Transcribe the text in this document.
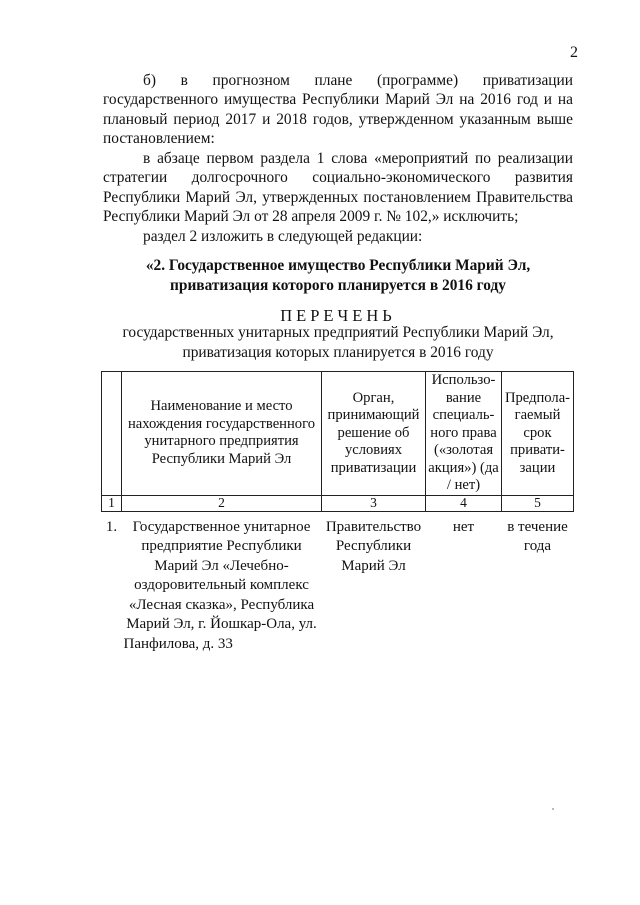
2
б) в прогнозном плане (программе) приватизации
государственного имущества Республики Марий Эл на 2016 год и на плановый период 2017 и 2018 годов, утвержденном указанным выше постановлением:
в абзаце первом раздела 1 слова «мероприятий по реализации стратегии долгосрочного социально-экономического развития Республики Марий Эл, утвержденных постановлением Правительства Республики Марий Эл от 28 апреля 2009 г. № 102,» исключить;
раздел 2 изложить в следующей редакции:
«2. Государственное имущество Республики Марий Эл,
приватизация которого планируется в 2016 году
ПЕРЕЧЕНЬ
государственных унитарных предприятий Республики Марий Эл,
приватизация которых планируется в 2016 году
	Наименование и место нахождения государственного унитарного предприятия Республики Марий Эл	Орган, принимающий решение об условиях приватизации	Использо-вание специаль-ного права («золотая акция») (да / нет)	Предпола-гаемый срок привати-зации
1	2	3	4	5
1.	Государственное унитарное предприятие Республики Марий Эл «Лечебно-оздоровительный комплекс «Лесная сказка», Республика Марий Эл, г. Йошкар-Ола, ул. Панфилова, д. 33	Правительство Республики Марий Эл	нет	в течение года
